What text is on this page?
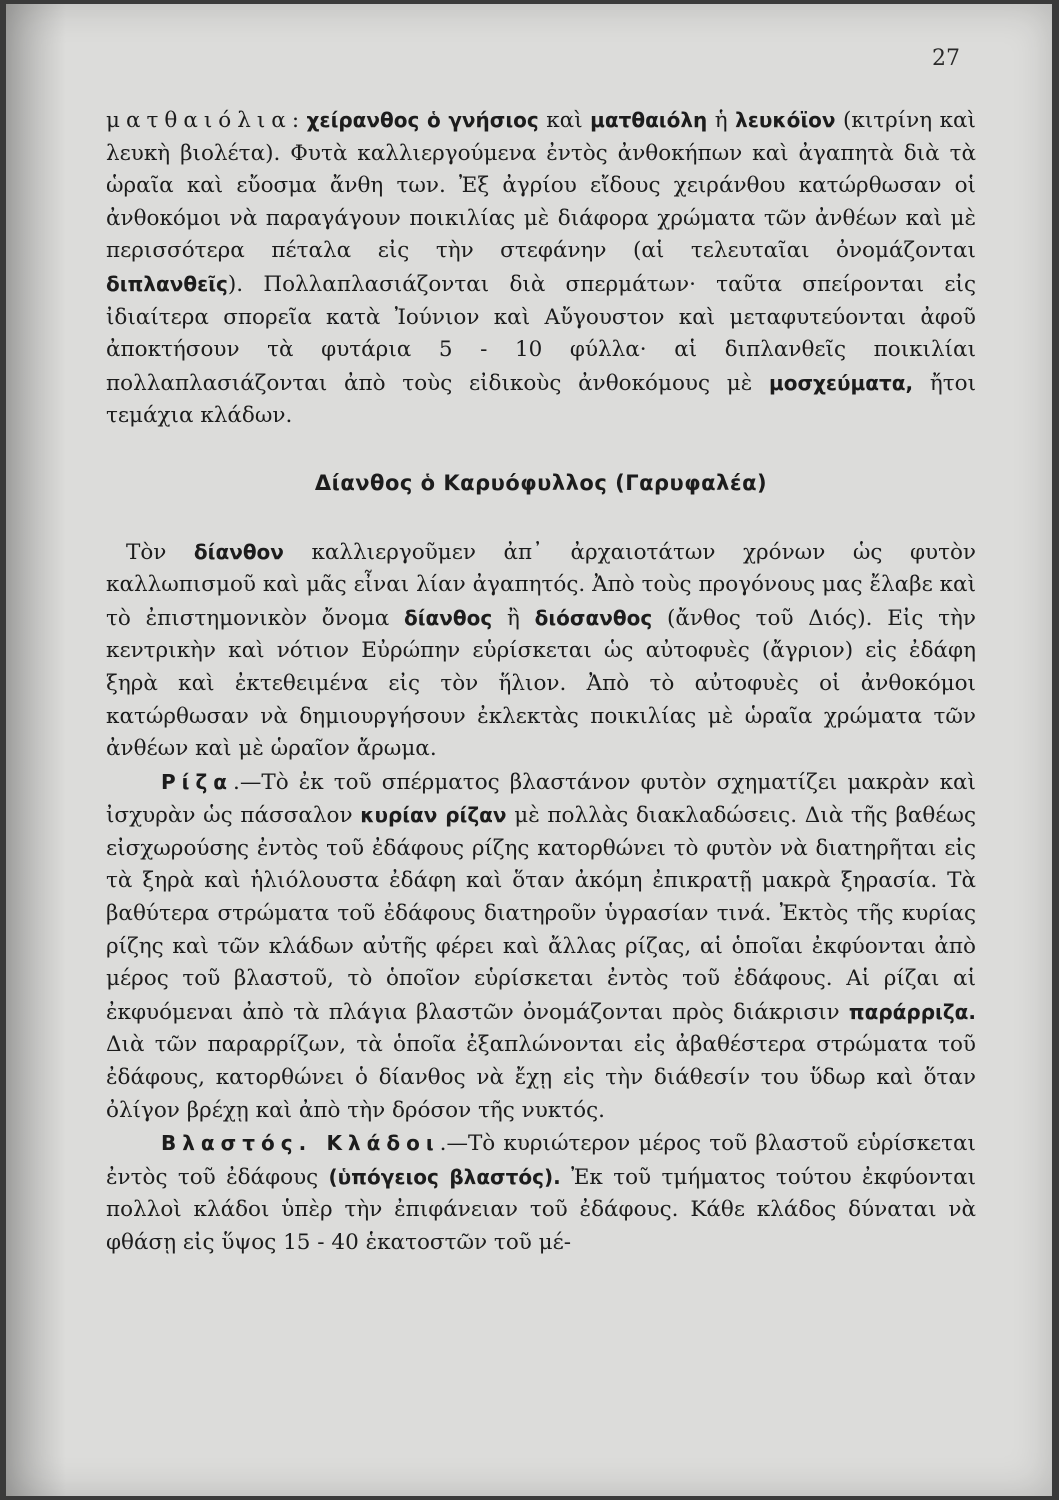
27

ματθαιόλια: χείρανθος ὁ γνήσιος καὶ ματθαιόλη ἡ λευκόϊον (κιτρίνη καὶ λευκὴ βιολέτα). Φυτὰ καλλιεργούμενα ἐντὸς ἀνθοκήπων καὶ ἀγαπητὰ διὰ τὰ ὡραῖα καὶ εὔοσμα ἄνθη των. Ἐξ ἀγρίου εἴδους χειράνθου κατώρθωσαν οἱ ἀνθοκόμοι νὰ παραγάγουν ποικιλίας μὲ διάφορα χρώματα τῶν ἀνθέων καὶ μὲ περισσότερα πέταλα εἰς τὴν στεφάνην (αἱ τελευταῖαι ὀνομάζονται διπλανθεῖς). Πολλαπλασιάζονται διὰ σπερμάτων· ταῦτα σπείρονται εἰς ἰδιαίτερα σπορεῖα κατὰ Ἰούνιον καὶ Αὔγουστον καὶ μεταφυτεύονται ἀφοῦ ἀποκτήσουν τὰ φυτάρια 5 - 10 φύλλα· αἱ διπλανθεῖς ποικιλίαι πολλαπλασιάζονται ἀπὸ τοὺς εἰδικοὺς ἀνθοκόμους μὲ μοσχεύματα, ἤτοι τεμάχια κλάδων.

Δίανθος ὁ Καρυόφυλλος (Γαρυφαλέα)

Τὸν δίανθον καλλιεργοῦμεν ἀπ᾿ ἀρχαιοτάτων χρόνων ὡς φυτὸν καλλωπισμοῦ καὶ μᾶς εἶναι λίαν ἀγαπητός. Ἀπὸ τοὺς προγόνους μας ἔλαβε καὶ τὸ ἐπιστημονικὸν ὄνομα δίανθος ἢ διόσανθος (ἄνθος τοῦ Διός). Εἰς τὴν κεντρικὴν καὶ νότιον Εὐρώπην εὑρίσκεται ὡς αὐτοφυὲς (ἄγριον) εἰς ἐδάφη ξηρὰ καὶ ἐκτεθειμένα εἰς τὸν ἥλιον. Ἀπὸ τὸ αὐτοφυὲς οἱ ἀνθοκόμοι κατώρθωσαν νὰ δημιουργήσουν ἐκλεκτὰς ποικιλίας μὲ ὡραῖα χρώματα τῶν ἀνθέων καὶ μὲ ὡραῖον ἄρωμα.

Ρίζα.—Τὸ ἐκ τοῦ σπέρματος βλαστάνον φυτὸν σχηματίζει μακρὰν καὶ ἰσχυρὰν ὡς πάσσαλον κυρίαν ρίζαν μὲ πολλὰς διακλαδώσεις. Διὰ τῆς βαθέως εἰσχωρούσης ἐντὸς τοῦ ἐδάφους ρίζης κατορθώνει τὸ φυτὸν νὰ διατηρῆται εἰς τὰ ξηρὰ καὶ ἡλιόλουστα ἐδάφη καὶ ὅταν ἀκόμη ἐπικρατῇ μακρὰ ξηρασία. Τὰ βαθύτερα στρώματα τοῦ ἐδάφους διατηροῦν ὑγρασίαν τινά. Ἐκτὸς τῆς κυρίας ρίζης καὶ τῶν κλάδων αὐτῆς φέρει καὶ ἄλλας ρίζας, αἱ ὁποῖαι ἐκφύονται ἀπὸ μέρος τοῦ βλαστοῦ, τὸ ὁποῖον εὑρίσκεται ἐντὸς τοῦ ἐδάφους. Αἱ ρίζαι αἱ ἐκφυόμεναι ἀπὸ τὰ πλάγια βλαστῶν ὀνομάζονται πρὸς διάκρισιν παράρριζα. Διὰ τῶν παραρρίζων, τὰ ὁποῖα ἐξαπλώνονται εἰς ἀβαθέστερα στρώματα τοῦ ἐδάφους, κατορθώνει ὁ δίανθος νὰ ἔχῃ εἰς τὴν διάθεσίν του ὕδωρ καὶ ὅταν ὀλίγον βρέχῃ καὶ ἀπὸ τὴν δρόσον τῆς νυκτός.

Βλαστός. Κλάδοι.—Τὸ κυριώτερον μέρος τοῦ βλαστοῦ εὑρίσκεται ἐντὸς τοῦ ἐδάφους (ὑπόγειος βλαστός). Ἐκ τοῦ τμήματος τούτου ἐκφύονται πολλοὶ κλάδοι ὑπὲρ τὴν ἐπιφάνειαν τοῦ ἐδάφους. Κάθε κλάδος δύναται νὰ φθάσῃ εἰς ὕψος 15 - 40 ἑκατοστῶν τοῦ μέ-
